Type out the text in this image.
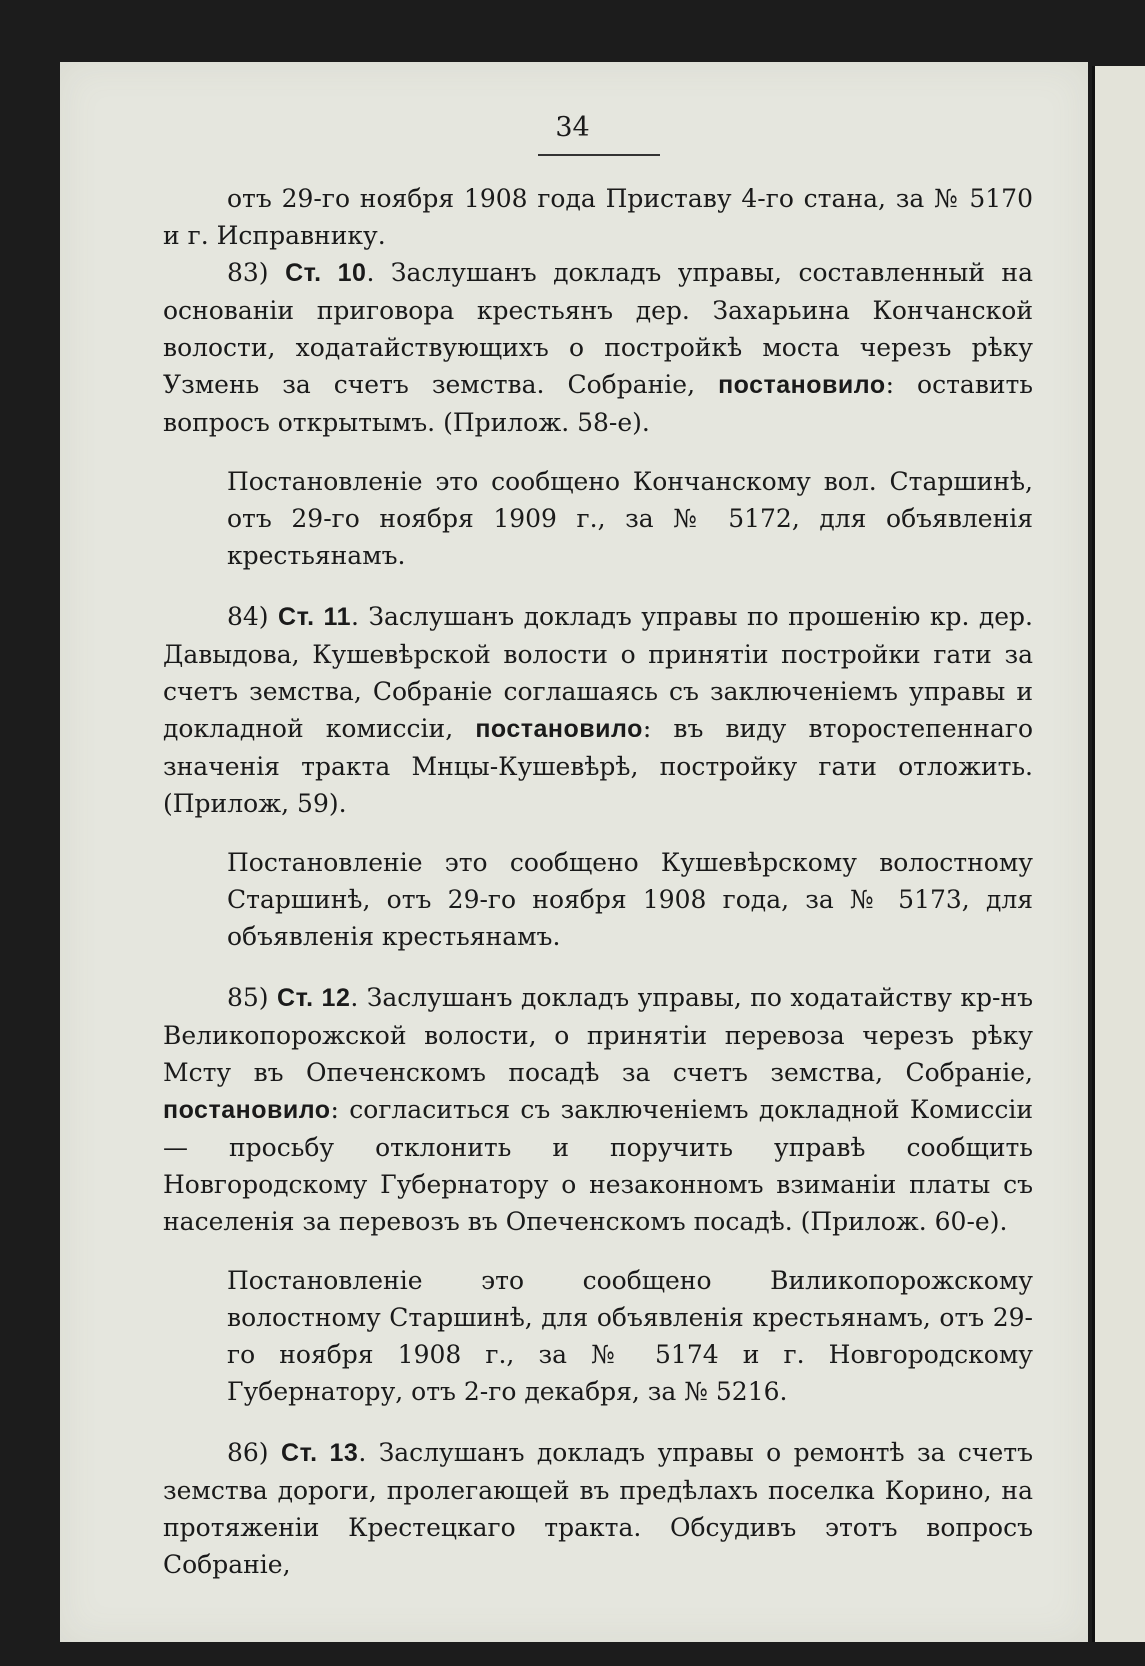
34

отъ 29-го ноября 1908 года Приставу 4-го стана, за № 5170 и г. Исправнику.

83) Ст. 10. Заслушанъ докладъ управы, составленный на основаніи приговора крестьянъ дер. Захарьина Кончанской волости, ходатайствующихъ о постройкѣ моста черезъ рѣку Узмень за счетъ земства. Собраніе, постановило: оставить вопросъ открытымъ. (Прилож. 58-е).

Постановленіе это сообщено Кончанскому вол. Старшинѣ, отъ 29-го ноября 1909 г., за № 5172, для объявленія крестьянамъ.

84) Ст. 11. Заслушанъ докладъ управы по прошенію кр. дер. Давыдова, Кушевѣрской волости о принятіи постройки гати за счетъ земства, Собраніе соглашаясь съ заключеніемъ управы и докладной комиссіи, постановило: въ виду второстепеннаго значенія тракта Мнцы-Кушевѣрѣ, постройку гати отложить. (Прилож, 59).

Постановленіе это сообщено Кушевѣрскому волостному Старшинѣ, отъ 29-го ноября 1908 года, за № 5173, для объявленія крестьянамъ.

85) Ст. 12. Заслушанъ докладъ управы, по ходатайству кр-нъ Великопорожской волости, о принятіи перевоза черезъ рѣку Мсту въ Опеченскомъ посадѣ за счетъ земства, Собраніе, постановило: согласиться съ заключеніемъ докладной Комиссіи — просьбу отклонить и поручить управѣ сообщить Новгородскому Губернатору о незаконномъ взиманіи платы съ населенія за перевозъ въ Опеченскомъ посадѣ. (Прилож. 60-е).

Постановленіе это сообщено Виликопорожскому волостному Старшинѣ, для объявленія крестьянамъ, отъ 29-го ноября 1908 г., за № 5174 и г. Новгородскому Губернатору, отъ 2-го декабря, за № 5216.

86) Ст. 13. Заслушанъ докладъ управы о ремонтѣ за счетъ земства дороги, пролегающей въ предѣлахъ поселка Корино, на протяженіи Крестецкаго тракта. Обсудивъ этотъ вопросъ Собраніе,
